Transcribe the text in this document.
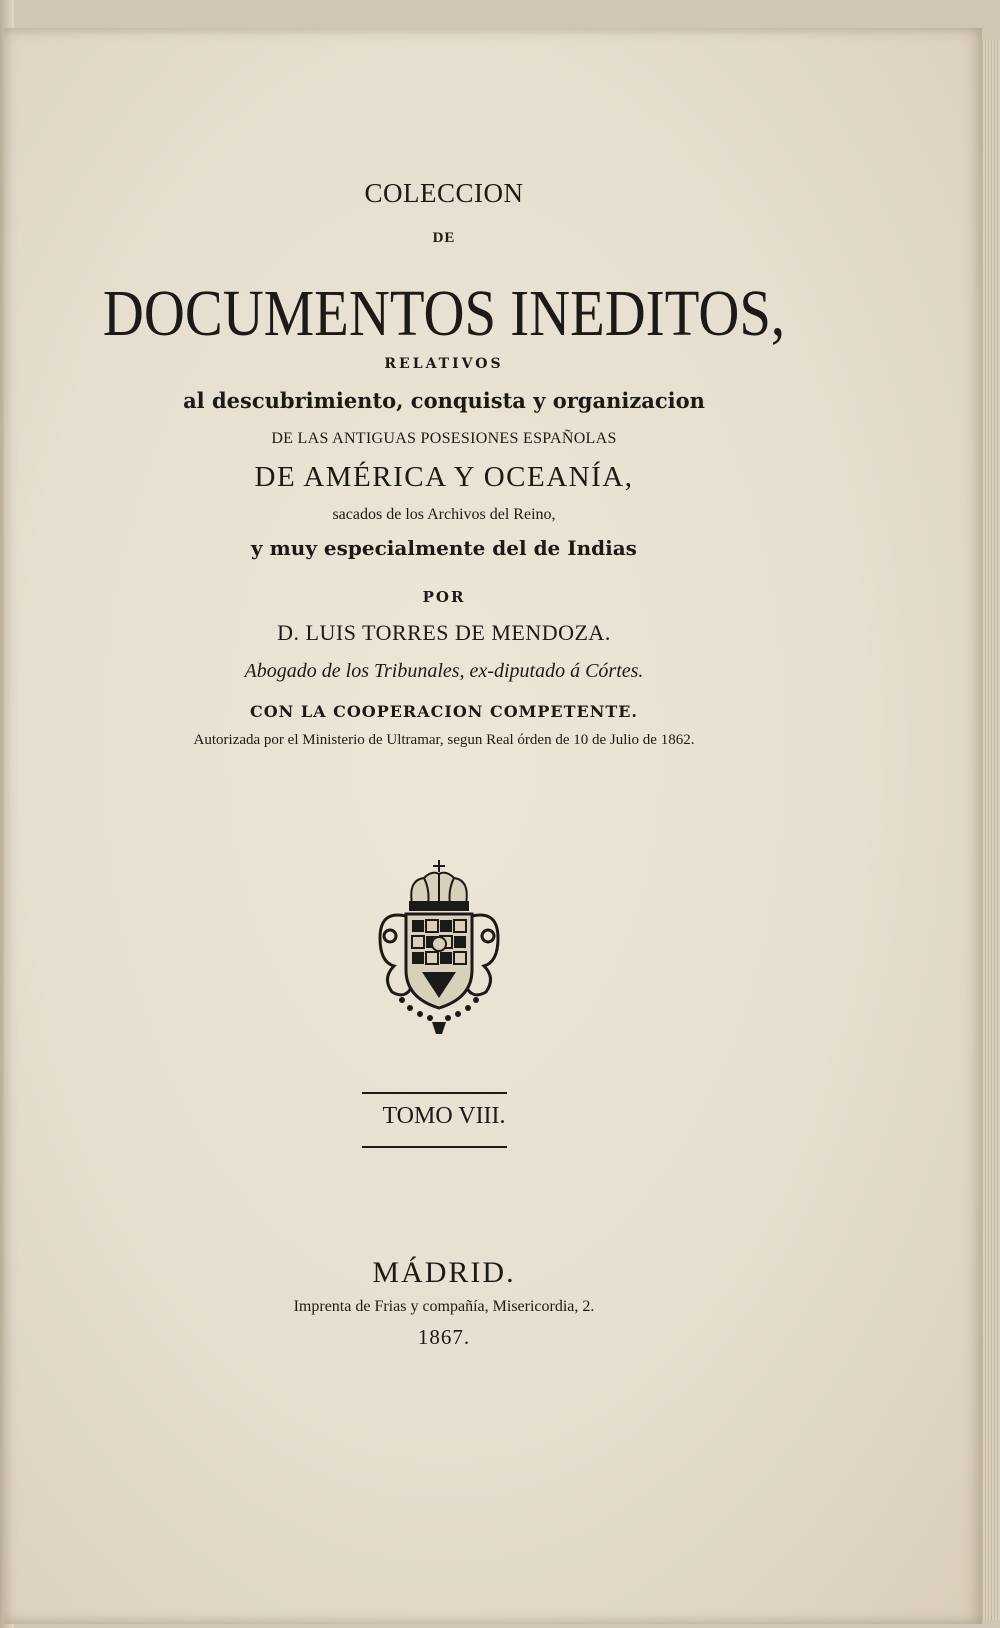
COLECCION
DE
DOCUMENTOS INEDITOS,
RELATIVOS
al descubrimiento, conquista y organizacion
DE LAS ANTIGUAS POSESIONES ESPAÑOLAS
DE AMÉRICA Y OCEANÍA,
sacados de los Archivos del Reino,
y muy especialmente del de Indias
POR
D. LUIS TORRES DE MENDOZA.
Abogado de los Tribunales, ex-diputado á Córtes.
CON LA COOPERACION COMPETENTE.
Autorizada por el Ministerio de Ultramar, segun Real órden de 10 de Julio de 1862.
TOMO VIII.
MÁDRID.
Imprenta de Frias y compañía, Misericordia, 2.
1867.
